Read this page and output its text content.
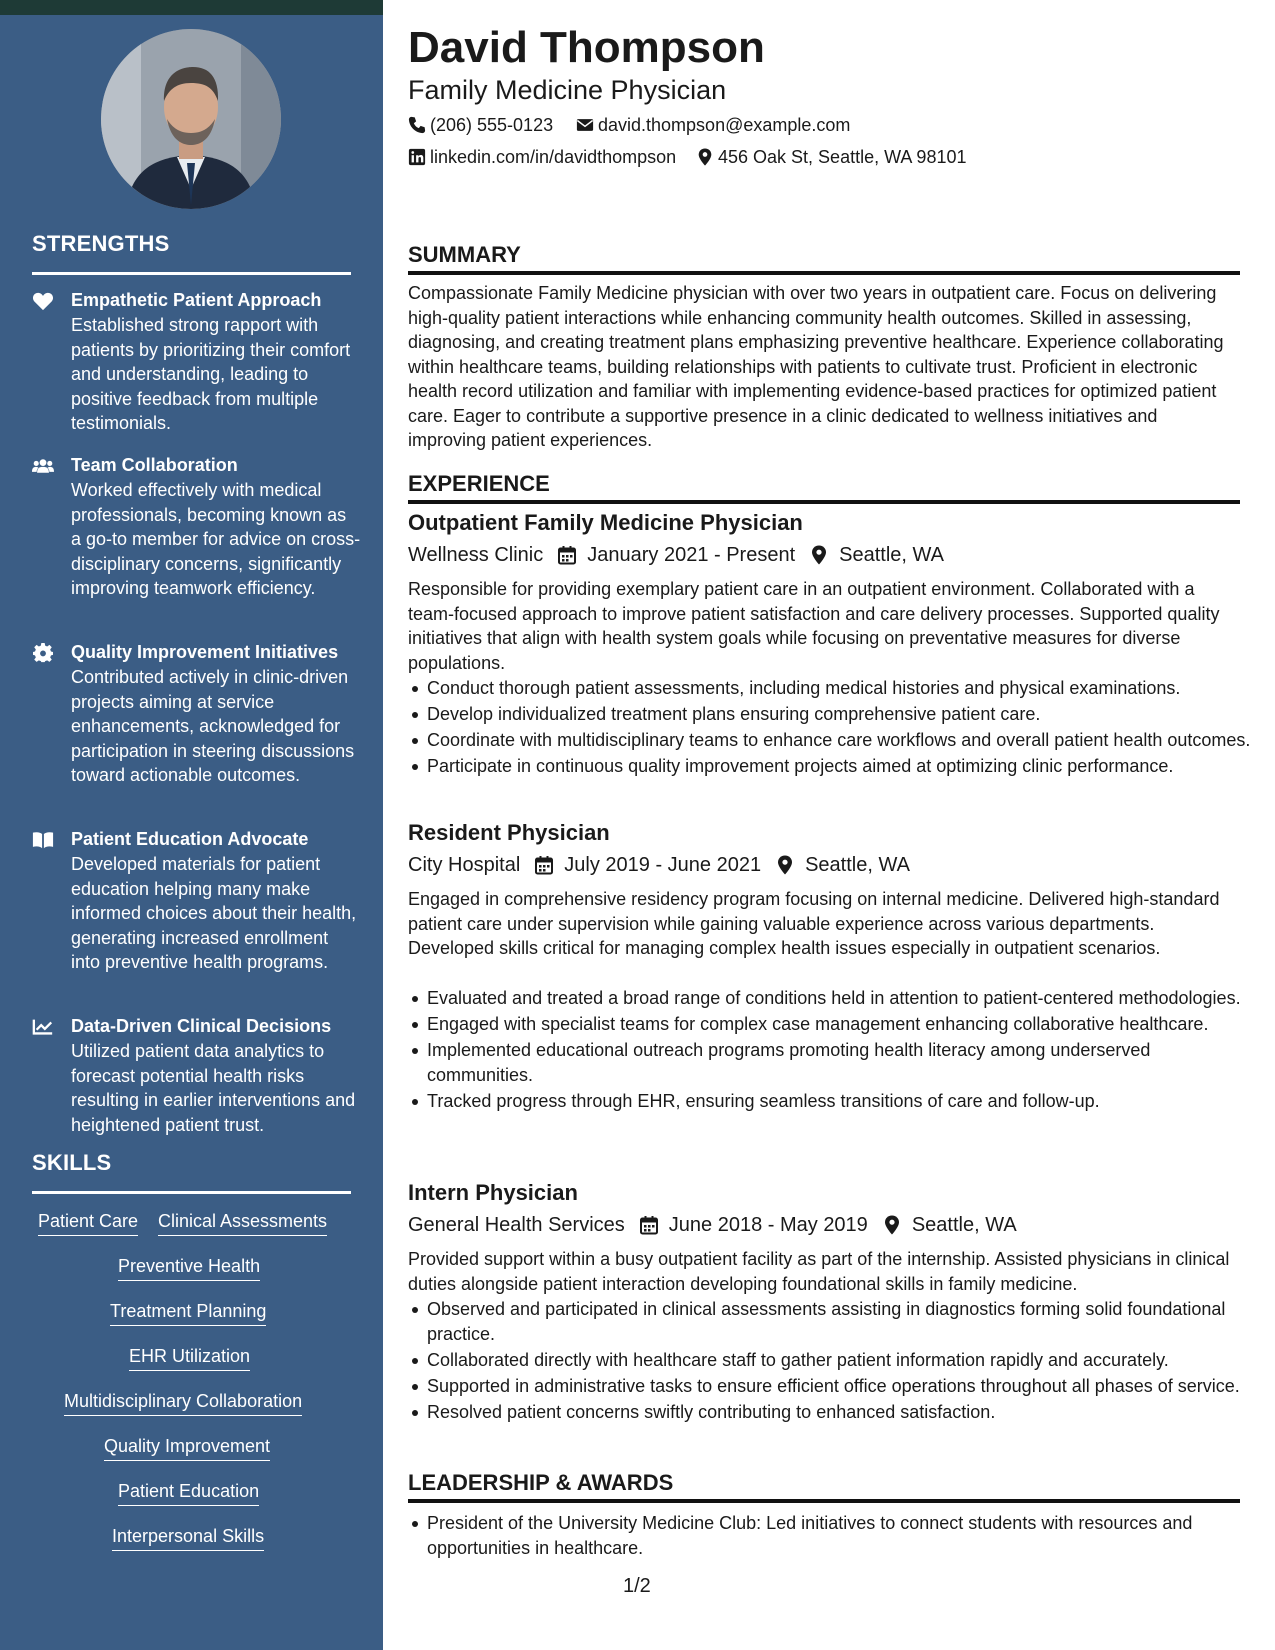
STRENGTHS
Empathetic Patient Approach
Established strong rapport with patients by prioritizing their comfort and understanding, leading to positive feedback from multiple testimonials.
Team Collaboration
Worked effectively with medical professionals, becoming known as a go-to member for advice on cross-disciplinary concerns, significantly improving teamwork efficiency.
Quality Improvement Initiatives
Contributed actively in clinic-driven projects aiming at service enhancements, acknowledged for participation in steering discussions toward actionable outcomes.
Patient Education Advocate
Developed materials for patient education helping many make informed choices about their health, generating increased enrollment into preventive health programs.
Data-Driven Clinical Decisions
Utilized patient data analytics to forecast potential health risks resulting in earlier interventions and heightened patient trust.
SKILLS
Patient Care Clinical Assessments
Preventive Health
Treatment Planning
EHR Utilization
Multidisciplinary Collaboration
Quality Improvement
Patient Education
Interpersonal Skills
David Thompson
Family Medicine Physician
(206) 555-0123 david.thompson@example.com
linkedin.com/in/davidthompson 456 Oak St, Seattle, WA 98101
SUMMARY
Compassionate Family Medicine physician with over two years in outpatient care. Focus on delivering high-quality patient interactions while enhancing community health outcomes. Skilled in assessing, diagnosing, and creating treatment plans emphasizing preventive healthcare. Experience collaborating within healthcare teams, building relationships with patients to cultivate trust. Proficient in electronic health record utilization and familiar with implementing evidence-based practices for optimized patient care. Eager to contribute a supportive presence in a clinic dedicated to wellness initiatives and improving patient experiences.
EXPERIENCE
Outpatient Family Medicine Physician
Wellness Clinic January 2021 - Present Seattle, WA
Responsible for providing exemplary patient care in an outpatient environment. Collaborated with a team-focused approach to improve patient satisfaction and care delivery processes. Supported quality initiatives that align with health system goals while focusing on preventative measures for diverse populations.
Conduct thorough patient assessments, including medical histories and physical examinations.
Develop individualized treatment plans ensuring comprehensive patient care.
Coordinate with multidisciplinary teams to enhance care workflows and overall patient health outcomes.
Participate in continuous quality improvement projects aimed at optimizing clinic performance.
Resident Physician
City Hospital July 2019 - June 2021 Seattle, WA
Engaged in comprehensive residency program focusing on internal medicine. Delivered high-standard patient care under supervision while gaining valuable experience across various departments. Developed skills critical for managing complex health issues especially in outpatient scenarios.
Evaluated and treated a broad range of conditions held in attention to patient-centered methodologies.
Engaged with specialist teams for complex case management enhancing collaborative healthcare.
Implemented educational outreach programs promoting health literacy among underserved communities.
Tracked progress through EHR, ensuring seamless transitions of care and follow-up.
Intern Physician
General Health Services June 2018 - May 2019 Seattle, WA
Provided support within a busy outpatient facility as part of the internship. Assisted physicians in clinical duties alongside patient interaction developing foundational skills in family medicine.
Observed and participated in clinical assessments assisting in diagnostics forming solid foundational practice.
Collaborated directly with healthcare staff to gather patient information rapidly and accurately.
Supported in administrative tasks to ensure efficient office operations throughout all phases of service.
Resolved patient concerns swiftly contributing to enhanced satisfaction.
LEADERSHIP & AWARDS
President of the University Medicine Club: Led initiatives to connect students with resources and opportunities in healthcare.
1/2
